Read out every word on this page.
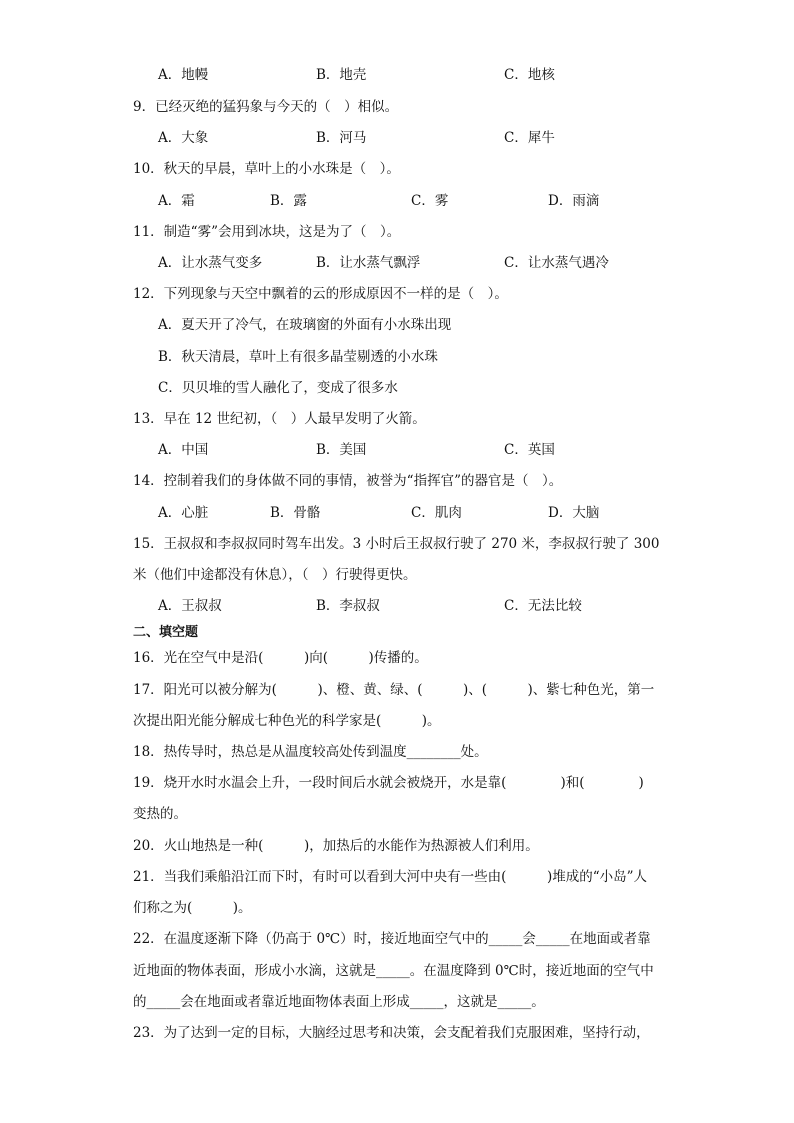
A．地幔	B．地壳	C．地核
9．已经灭绝的猛犸象与今天的（　）相似。
A．大象	B．河马	C．犀牛
10．秋天的早晨，草叶上的小水珠是（　）。
A．霜	B．露	C．雾	D．雨滴
11．制造“雾”会用到冰块，这是为了（　）。
A．让水蒸气变多	B．让水蒸气飘浮	C．让水蒸气遇冷
12．下列现象与天空中飘着的云的形成原因不一样的是（　）。
A．夏天开了冷气，在玻璃窗的外面有小水珠出现
B．秋天清晨，草叶上有很多晶莹剔透的小水珠
C．贝贝堆的雪人融化了，变成了很多水
13．早在 12 世纪初，（　）人最早发明了火箭。
A．中国	B．美国	C．英国
14．控制着我们的身体做不同的事情，被誉为“指挥官”的器官是（　）。
A．心脏	B．骨骼	C．肌肉	D．大脑
15．王叔叔和李叔叔同时驾车出发。3 小时后王叔叔行驶了 270 米，李叔叔行驶了 300
米（他们中途都没有休息），（　）行驶得更快。
A．王叔叔	B．李叔叔	C．无法比较
二、填空题
16．光在空气中是沿(　　　)向(　　　)传播的。
17．阳光可以被分解为(　　　)、橙、黄、绿、(　　　)、(　　　)、紫七种色光，第一
次提出阳光能分解成七种色光的科学家是(　　　)。
18．热传导时，热总是从温度较高处传到温度________处。
19．烧开水时水温会上升，一段时间后水就会被烧开，水是靠(　　　　)和(　　　　)
变热的。
20．火山地热是一种(　　　)，加热后的水能作为热源被人们利用。
21．当我们乘船沿江而下时，有时可以看到大河中央有一些由(　　　)堆成的“小岛”人
们称之为(　　　)。
22．在温度逐渐下降（仍高于 0℃）时，接近地面空气中的_____会_____在地面或者靠
近地面的物体表面，形成小水滴，这就是_____。在温度降到 0℃时，接近地面的空气中
的_____会在地面或者靠近地面物体表面上形成_____，这就是_____。
23．为了达到一定的目标，大脑经过思考和决策，会支配着我们克服困难，坚持行动，
